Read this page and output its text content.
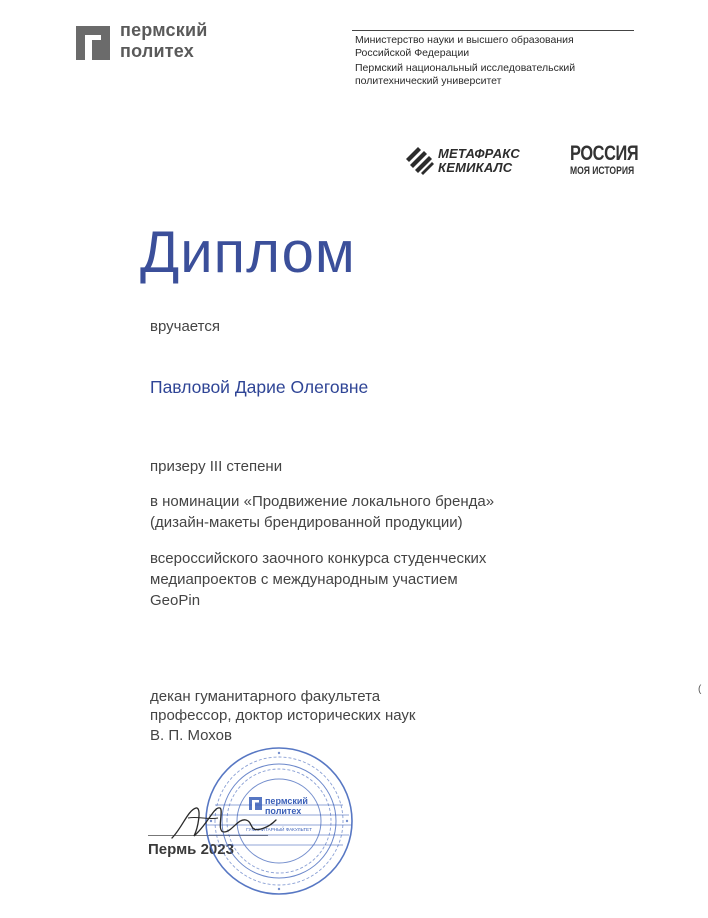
пермский
политех
Министерство науки и высшего образования
Российской Федерации
Пермский национальный исследовательский
политехнический университет
МЕТАФРАКС
КЕМИКАЛС
РОССИЯ
МОЯ ИСТОРИЯ
Диплом
вручается
Павловой Дарие Олеговне
призеру III степени
в номинации «Продвижение локального бренда»
(дизайн-макеты брендированной продукции)
всероссийского заочного конкурса студенческих
медиапроектов с международным участием
GeoPin
декан гуманитарного факультета
профессор, доктор исторических наук
В. П. Мохов
Пермь 2023
пермский
политех
ГУМАНИТАРНЫЙ ФАКУЛЬТЕТ
(
